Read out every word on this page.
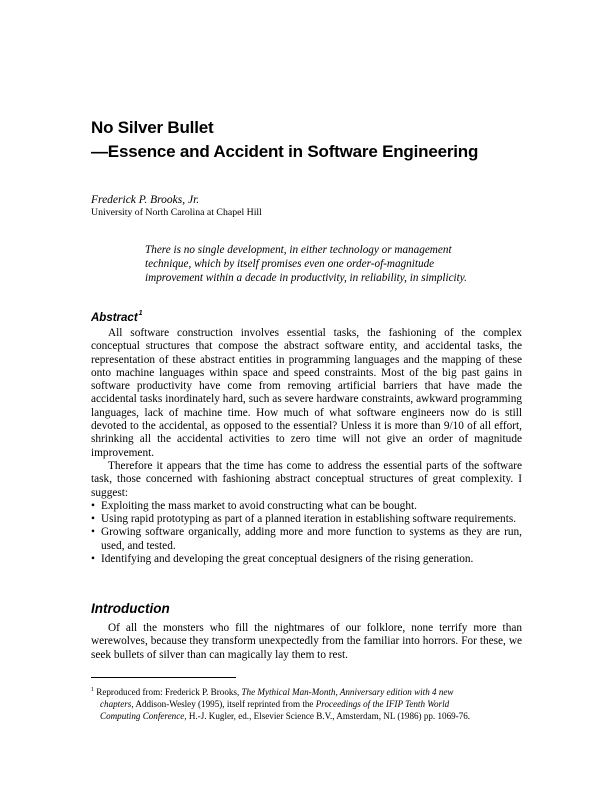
No Silver Bullet
—Essence and Accident in Software Engineering
Frederick P. Brooks, Jr.
University of North Carolina at Chapel Hill
There is no single development, in either technology or management technique, which by itself promises even one order-of-magnitude improvement within a decade in productivity, in reliability, in simplicity.
Abstract$^1$

All software construction involves essential tasks, the fashioning of the complex conceptual structures that compose the abstract software entity, and accidental tasks, the representation of these abstract entities in programming languages and the mapping of these onto machine languages within space and speed constraints. Most of the big past gains in software productivity have come from removing artificial barriers that have made the accidental tasks inordinately hard, such as severe hardware constraints, awkward programming languages, lack of machine time. How much of what software engineers now do is still devoted to the accidental, as opposed to the essential? Unless it is more than 9/10 of all effort, shrinking all the accidental activities to zero time will not give an order of magnitude improvement.

Therefore it appears that the time has come to address the essential parts of the software task, those concerned with fashioning abstract conceptual structures of great complexity. I suggest:

• Exploiting the mass market to avoid constructing what can be bought.
• Using rapid prototyping as part of a planned iteration in establishing software requirements.
• Growing software organically, adding more and more function to systems as they are run, used, and tested.
• Identifying and developing the great conceptual designers of the rising generation.
Introduction

Of all the monsters who fill the nightmares of our folklore, none terrify more than werewolves, because they transform unexpectedly from the familiar into horrors. For these, we seek bullets of silver than can magically lay them to rest.

$^1$ Reproduced from: Frederick P. Brooks, The Mythical Man-Month, Anniversary edition with 4 new
chapters, Addison-Wesley (1995), itself reprinted from the Proceedings of the IFIP Tenth World
Computing Conference, H.-J. Kugler, ed., Elsevier Science B.V., Amsterdam, NL (1986) pp. 1069-76.
